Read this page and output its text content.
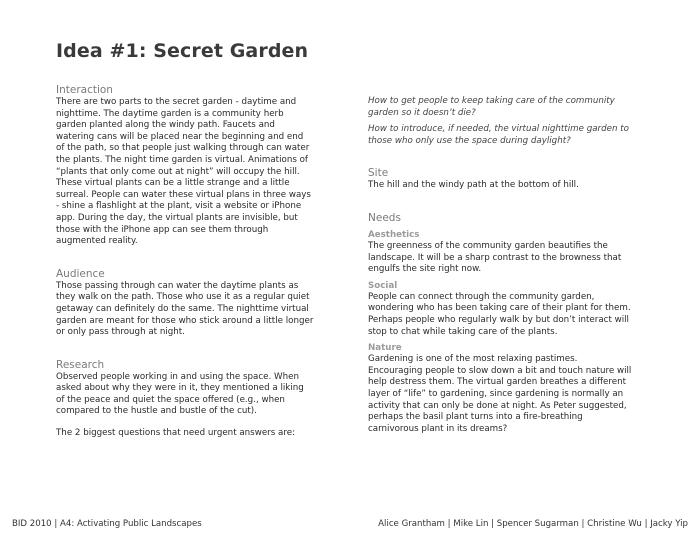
Idea #1: Secret Garden

Interaction

There are two parts to the secret garden - daytime and nighttime. The daytime garden is a community herb garden planted along the windy path. Faucets and watering cans will be placed near the beginning and end of the path, so that people just walking through can water the plants. The night time garden is virtual. Animations of “plants that only come out at night” will occupy the hill. These virtual plants can be a little strange and a little surreal. People can water these virtual plans in three ways - shine a flashlight at the plant, visit a website or iPhone app. During the day, the virtual plants are invisible, but those with the iPhone app can see them through augmented reality.

Audience

Those passing through can water the daytime plants as they walk on the path. Those who use it as a regular quiet getaway can definitely do the same. The nighttime virtual garden are meant for those who stick around a little longer or only pass through at night.

Research

Observed people working in and using the space. When asked about why they were in it, they mentioned a liking of the peace and quiet the space offered (e.g., when compared to the hustle and bustle of the cut).

The 2 biggest questions that need urgent answers are:

How to get people to keep taking care of the community garden so it doesn’t die?

How to introduce, if needed, the virtual nighttime garden to those who only use the space during daylight?

Site

The hill and the windy path at the bottom of hill.

Needs

Aesthetics

The greenness of the community garden beautifies the landscape. It will be a sharp contrast to the browness that engulfs the site right now.

Social

People can connect through the community garden, wondering who has been taking care of their plant for them. Perhaps people who regularly walk by but don’t interact will stop to chat while taking care of the plants.

Nature

Gardening is one of the most relaxing pastimes. Encouraging people to slow down a bit and touch nature will help destress them. The virtual garden breathes a different layer of “life” to gardening, since gardening is normally an activity that can only be done at night. As Peter suggested, perhaps the basil plant turns into a fire-breathing carnivorous plant in its dreams?

BID 2010 | A4: Activating Public Landscapes	Alice Grantham | Mike Lin | Spencer Sugarman | Christine Wu | Jacky Yip
